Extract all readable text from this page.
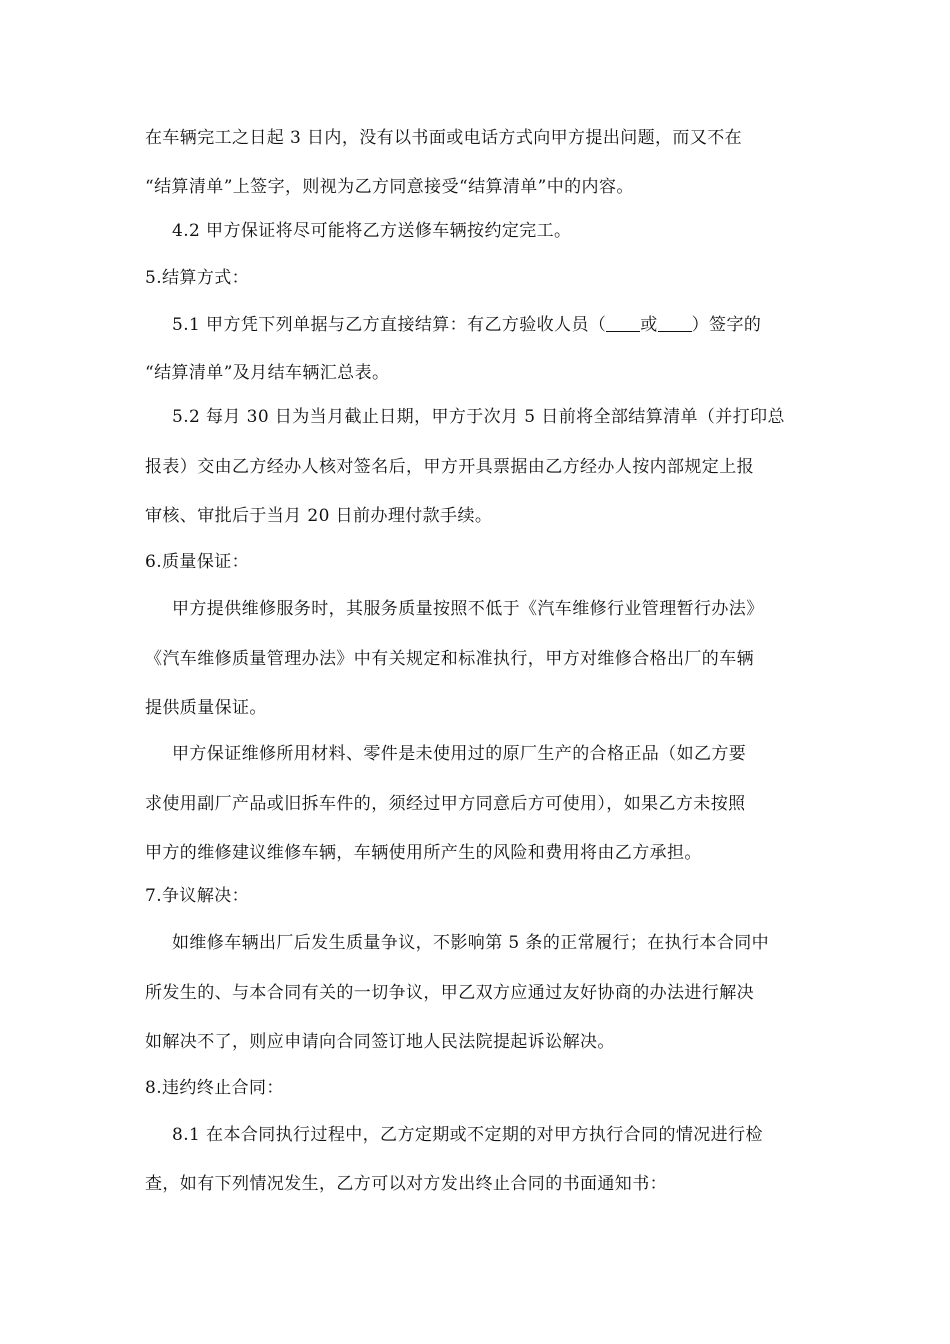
在车辆完工之日起 3 日内，没有以书面或电话方式向甲方提出问题，而又不在
“结算清单”上签字，则视为乙方同意接受“结算清单”中的内容。
4.2 甲方保证将尽可能将乙方送修车辆按约定完工。
5.结算方式：
5.1 甲方凭下列单据与乙方直接结算：有乙方验收人员（ 或 ）签字的
“结算清单”及月结车辆汇总表。
5.2 每月 30 日为当月截止日期，甲方于次月 5 日前将全部结算清单（并打印总
报表）交由乙方经办人核对签名后，甲方开具票据由乙方经办人按内部规定上报
审核、审批后于当月 20 日前办理付款手续。
6.质量保证：
甲方提供维修服务时，其服务质量按照不低于《汽车维修行业管理暂行办法》
《汽车维修质量管理办法》中有关规定和标准执行，甲方对维修合格出厂的车辆
提供质量保证。
甲方保证维修所用材料、零件是未使用过的原厂生产的合格正品（如乙方要
求使用副厂产品或旧拆车件的，须经过甲方同意后方可使用），如果乙方未按照
甲方的维修建议维修车辆，车辆使用所产生的风险和费用将由乙方承担。
7.争议解决：
如维修车辆出厂后发生质量争议，不影响第 5 条的正常履行；在执行本合同中
所发生的、与本合同有关的一切争议，甲乙双方应通过友好协商的办法进行解决
如解决不了，则应申请向合同签订地人民法院提起诉讼解决。
8.违约终止合同：
8.1 在本合同执行过程中，乙方定期或不定期的对甲方执行合同的情况进行检
查，如有下列情况发生，乙方可以对方发出终止合同的书面通知书：
